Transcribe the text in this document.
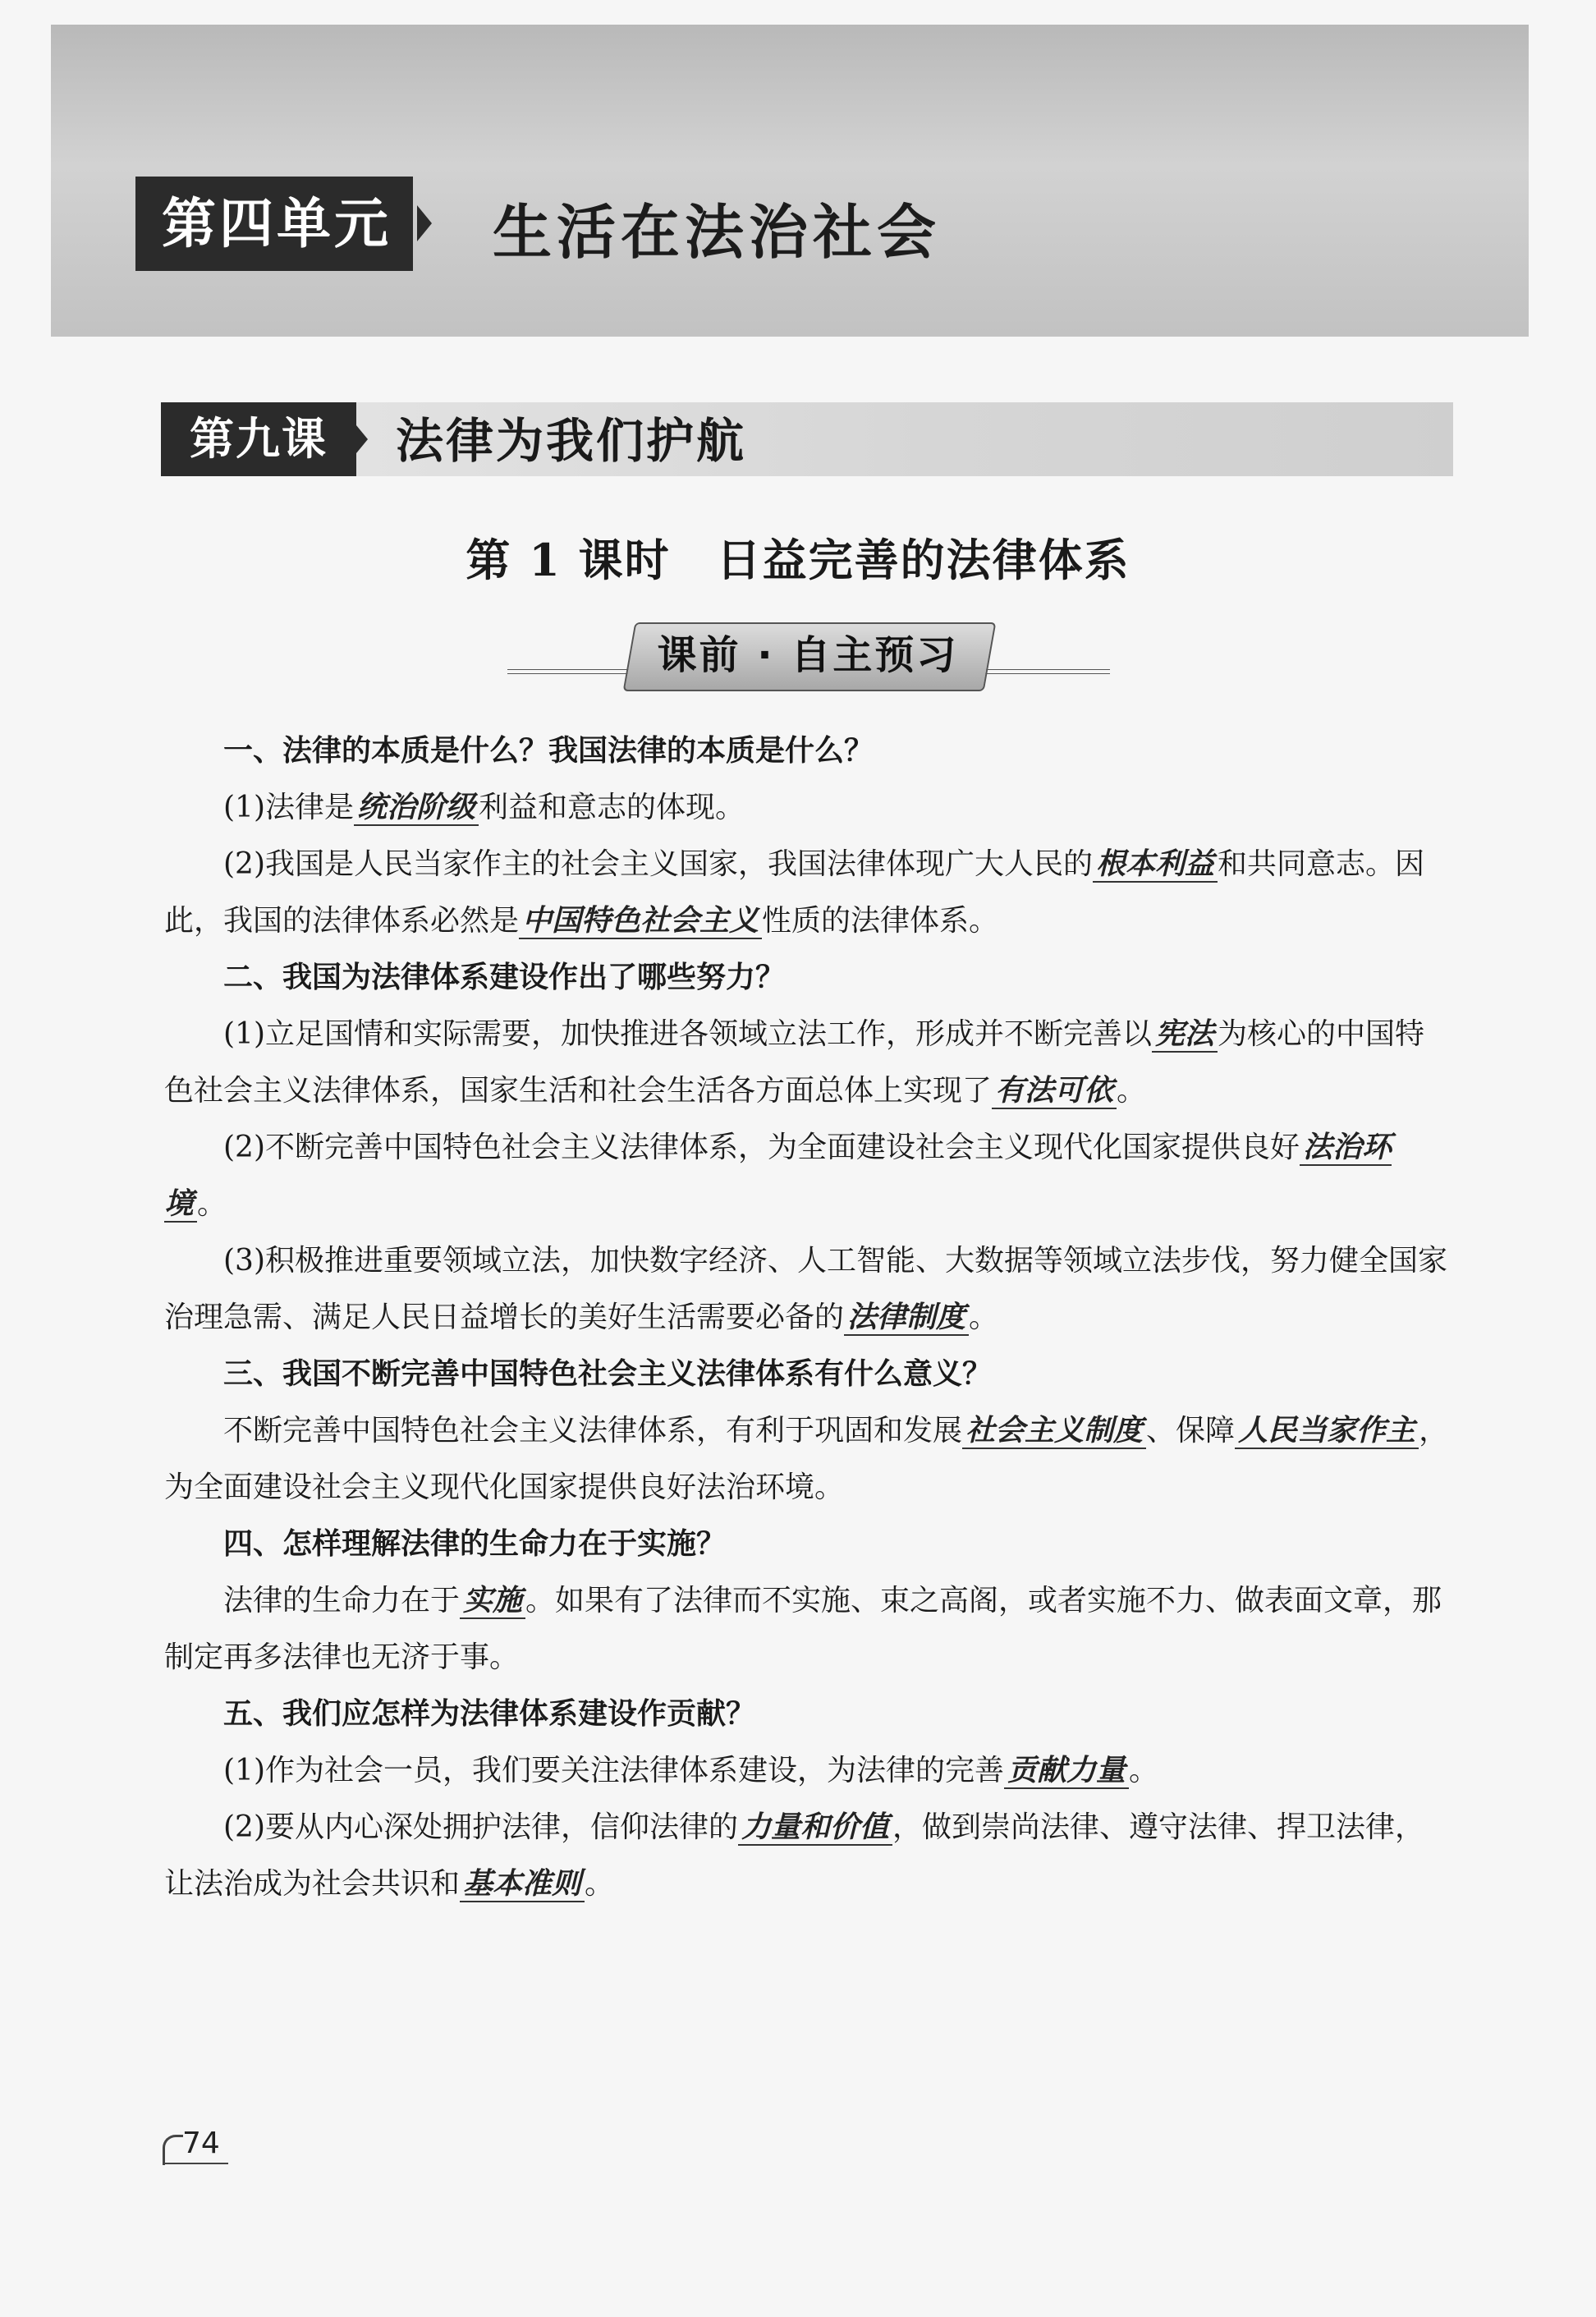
第四单元	生活在法治社会
第九课	法律为我们护航
第 1 课时　日益完善的法律体系
课前 · 自主预习

一、法律的本质是什么？我国法律的本质是什么？

(1)法律是 统治阶级 利益和意志的体现。

(2)我国是人民当家作主的社会主义国家，我国法律体现广大人民的 根本利益 和共同意志。因此，我国的法律体系必然是 中国特色社会主义 性质的法律体系。

二、我国为法律体系建设作出了哪些努力？

(1)立足国情和实际需要，加快推进各领域立法工作，形成并不断完善以 宪法 为核心的中国特色社会主义法律体系，国家生活和社会生活各方面总体上实现了 有法可依 。

(2)不断完善中国特色社会主义法律体系，为全面建设社会主义现代化国家提供良好 法治环境 。

(3)积极推进重要领域立法，加快数字经济、人工智能、大数据等领域立法步伐，努力健全国家治理急需、满足人民日益增长的美好生活需要必备的 法律制度 。

三、我国不断完善中国特色社会主义法律体系有什么意义？

不断完善中国特色社会主义法律体系，有利于巩固和发展 社会主义制度 、保障 人民当家作主 ，为全面建设社会主义现代化国家提供良好法治环境。

四、怎样理解法律的生命力在于实施？

法律的生命力在于 实施 。如果有了法律而不实施、束之高阁，或者实施不力、做表面文章，那制定再多法律也无济于事。

五、我们应怎样为法律体系建设作贡献？

(1)作为社会一员，我们要关注法律体系建设，为法律的完善 贡献力量 。

(2)要从内心深处拥护法律，信仰法律的 力量和价值 ，做到崇尚法律、遵守法律、捍卫法律，让法治成为社会共识和 基本准则 。

74
